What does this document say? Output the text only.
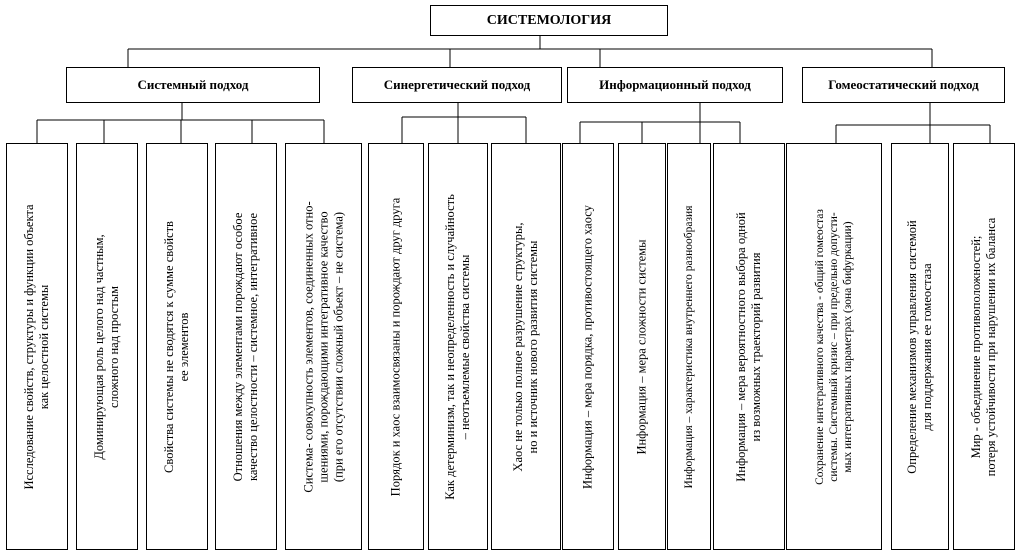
СИСТЕМОЛОГИЯ
Системный подход	Синергетический подход	Информационный подход	Гомеостатический подход
Исследование свойств, структуры и функции объекта как целостной системы	Доминирующая роль целого над частным, сложного над простым	Свойства системы не сводятся к сумме свойств ее элементов	Отношения между элементами порождают особое качество целостности – системное, интегративное	Система- совокупность элементов, соединенных отно- шениями, порождающими интегративное качество (при его отсутствии сложный объект – не система)	Порядок и хаос взаимосвязаны и порождают друг друга	Как детерминизм, так и неопределенность и случайность – неотъемлемые свойства системы	Хаос не только полное разрушение структуры, но и источник нового развития системы	Информация – мера порядка, противостоящего хаосу	Информация – мера сложности системы	Информация – характеристика внутреннего разнообразия	Информация – мера вероятностного выбора одной из возможных траекторий развития	Сохранение интегративного качества - общий гомеостаз системы. Системный кризис – при предельно допусти- мых интегративных параметрах (зона бифуркации)	Определение механизмов управления системой для поддержания ее гомеостаза	Мир - объединение противоположностей; потеря устойчивости при нарушении их баланса
